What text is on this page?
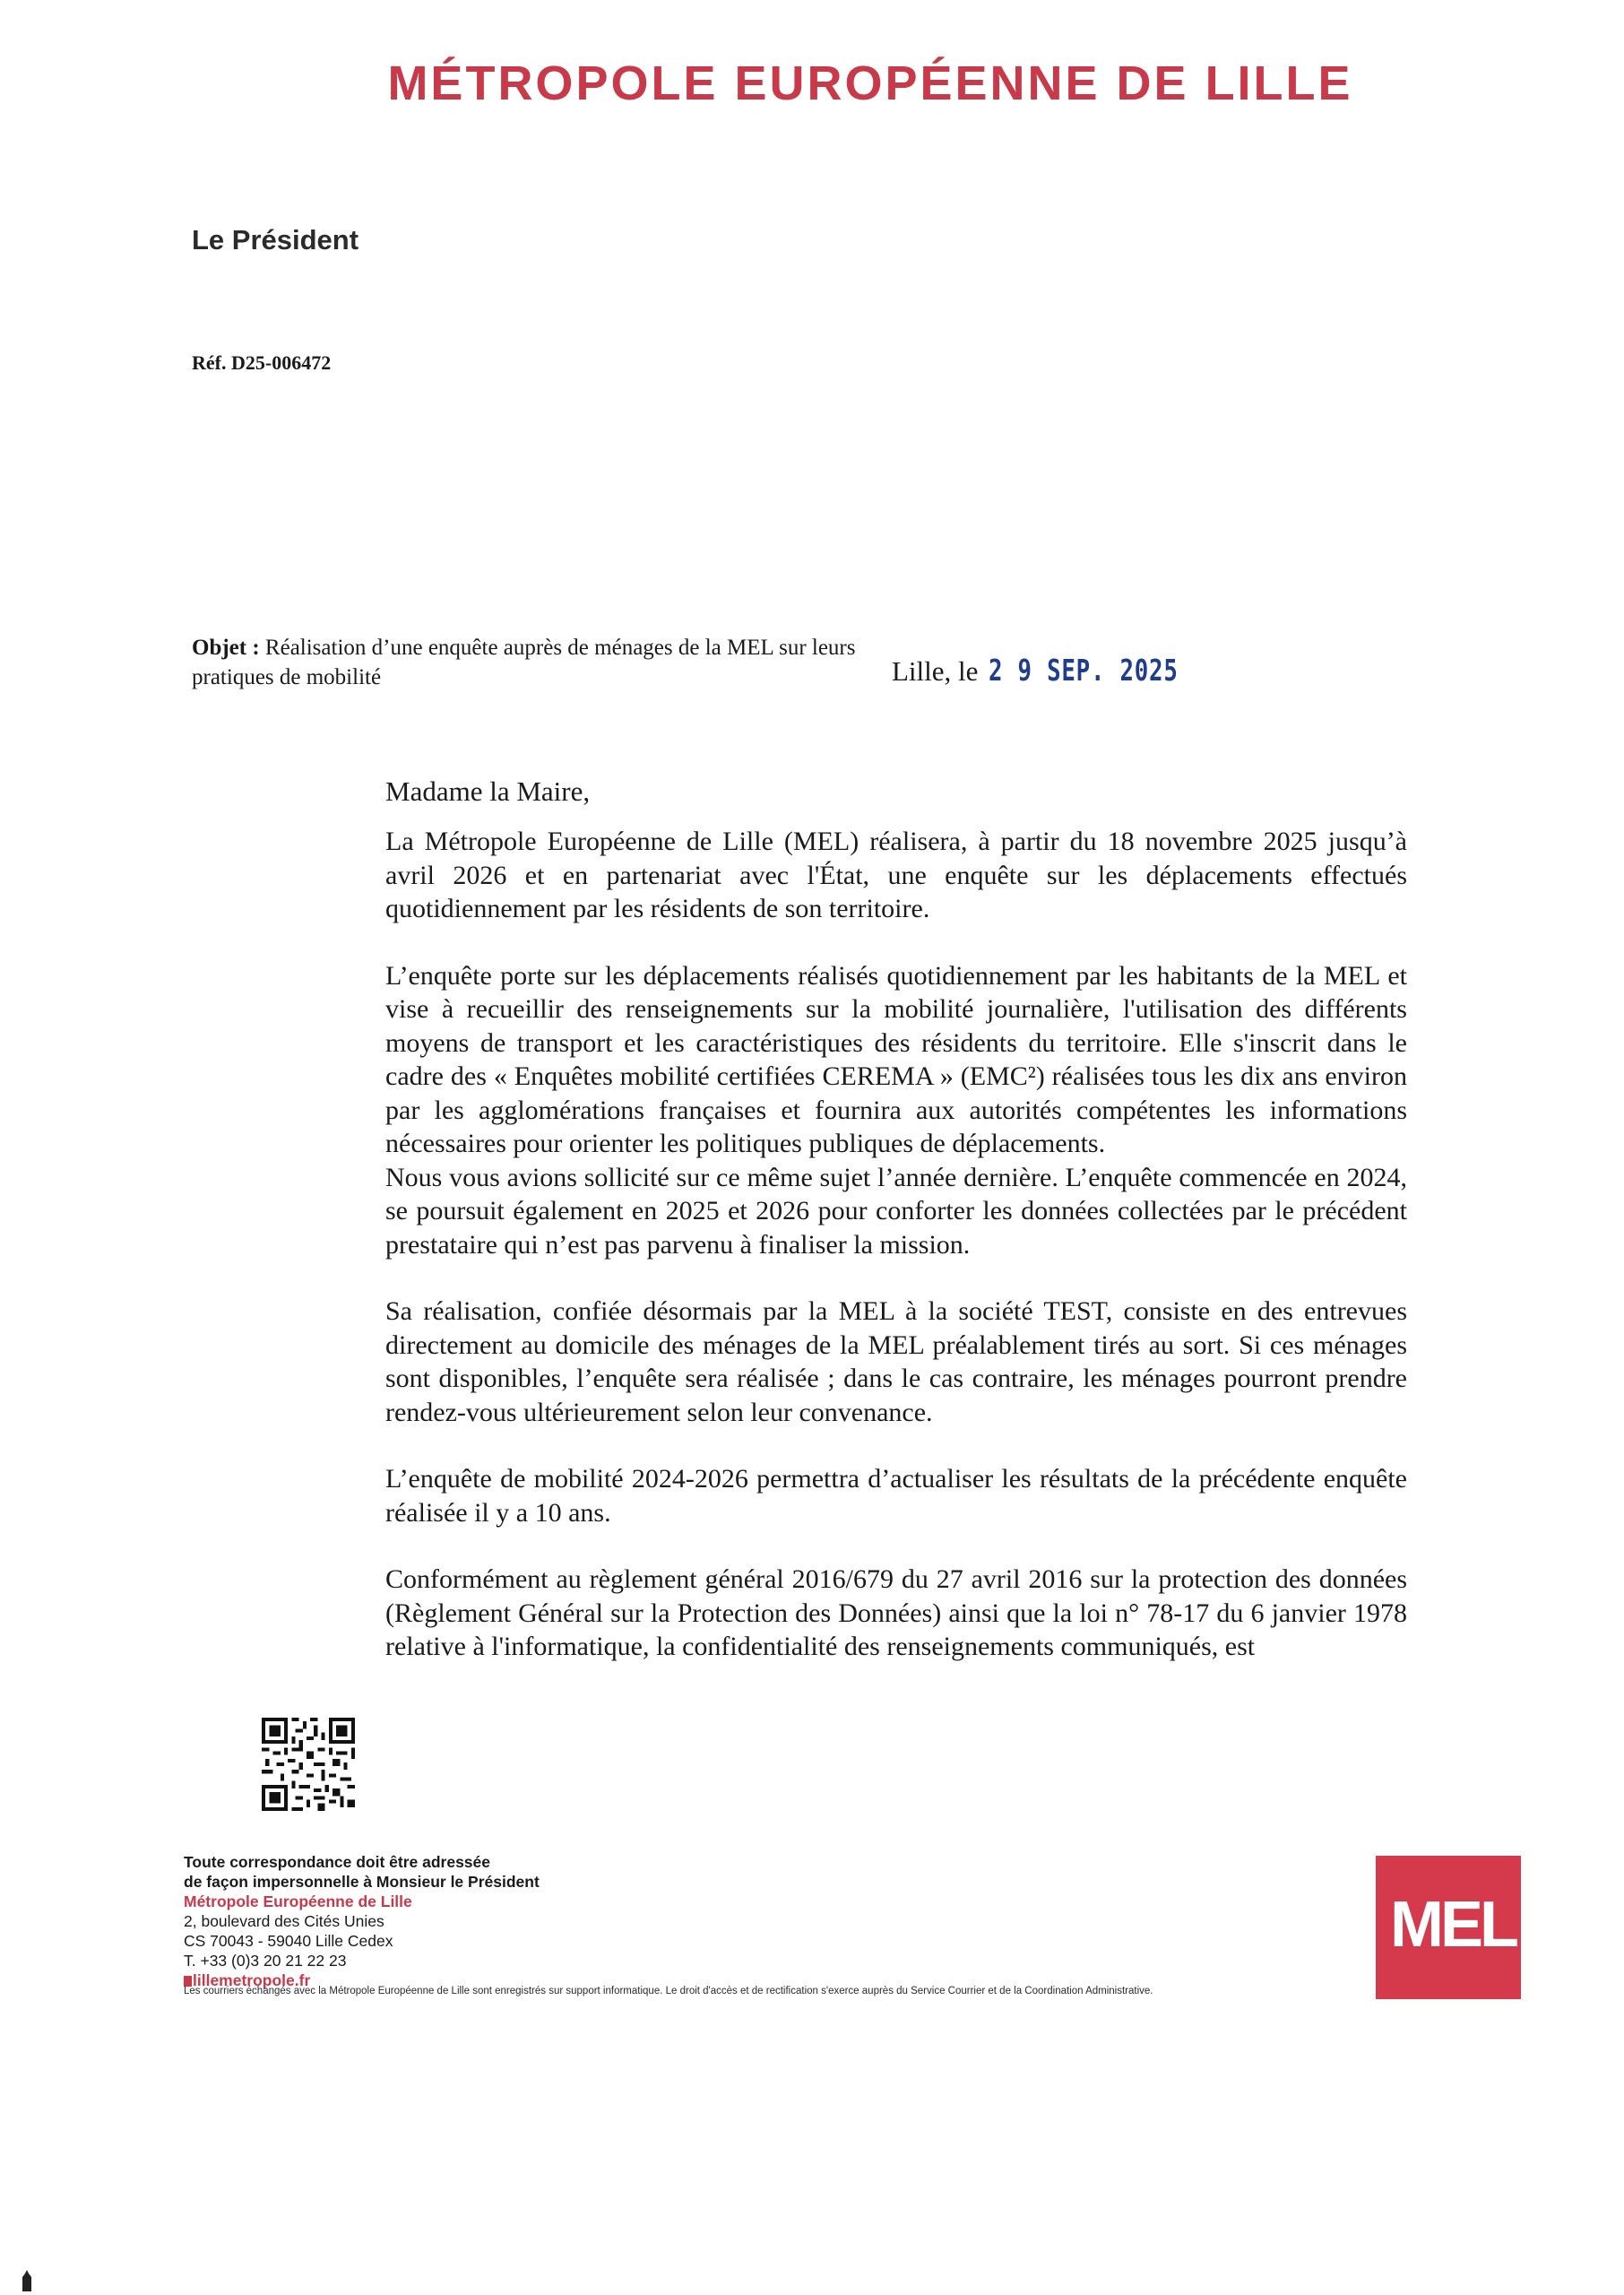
MÉTROPOLE EUROPÉENNE DE LILLE
Le Président
Réf. D25-006472
Objet : Réalisation d’une enquête auprès de ménages de la MEL sur leurs pratiques de mobilité	Lille, le 2 9 SEP. 2025
Madame la Maire,

La Métropole Européenne de Lille (MEL) réalisera, à partir du 18 novembre 2025 jusqu’à avril 2026 et en partenariat avec l'État, une enquête sur les déplacements effectués quotidiennement par les résidents de son territoire.

L’enquête porte sur les déplacements réalisés quotidiennement par les habitants de la MEL et vise à recueillir des renseignements sur la mobilité journalière, l'utilisation des différents moyens de transport et les caractéristiques des résidents du territoire. Elle s'inscrit dans le cadre des « Enquêtes mobilité certifiées CEREMA » (EMC²) réalisées tous les dix ans environ par les agglomérations françaises et fournira aux autorités compétentes les informations nécessaires pour orienter les politiques publiques de déplacements.

Nous vous avions sollicité sur ce même sujet l’année dernière. L’enquête commencée en 2024, se poursuit également en 2025 et 2026 pour conforter les données collectées par le précédent prestataire qui n’est pas parvenu à finaliser la mission.

Sa réalisation, confiée désormais par la MEL à la société TEST, consiste en des entrevues directement au domicile des ménages de la MEL préalablement tirés au sort. Si ces ménages sont disponibles, l’enquête sera réalisée ; dans le cas contraire, les ménages pourront prendre rendez-vous ultérieurement selon leur convenance.

L’enquête de mobilité 2024-2026 permettra d’actualiser les résultats de la précédente enquête réalisée il y a 10 ans.

Conformément au règlement général 2016/679 du 27 avril 2016 sur la protection des données (Règlement Général sur la Protection des Données) ainsi que la loi n° 78-17 du 6 janvier 1978 relative à l'informatique, la confidentialité des renseignements communiqués, est

Toute correspondance doit être adressée
de façon impersonnelle à Monsieur le Président
Métropole Européenne de Lille
2, boulevard des Cités Unies
CS 70043 - 59040 Lille Cedex
T. +33 (0)3 20 21 22 23
lillemetropole.fr
Les courriers échangés avec la Métropole Européenne de Lille sont enregistrés sur support informatique. Le droit d'accès et de rectification s'exerce auprès du Service Courrier et de la Coordination Administrative.
MEL
